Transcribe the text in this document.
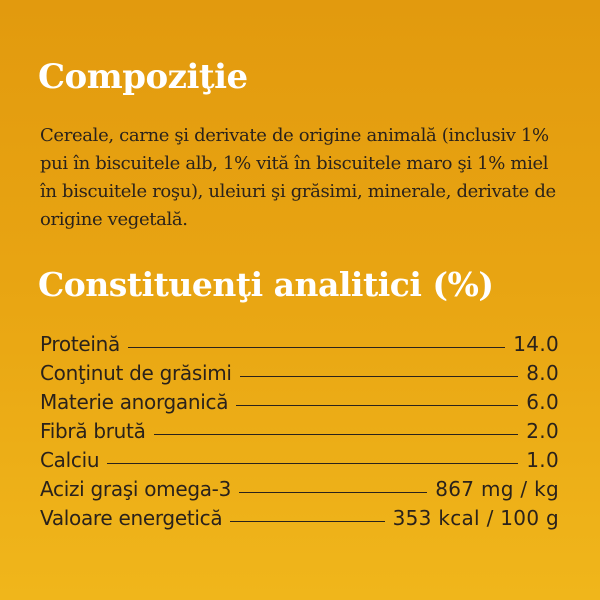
Compoziţie

Cereale, carne şi derivate de origine animală (inclusiv 1% pui în biscuitele alb, 1% vită în biscuitele maro şi 1% miel în biscuitele roşu), uleiuri şi grăsimi, minerale, derivate de origine vegetală.

Constituenţi analitici (%)
Proteină	14.0
Conţinut de grăsimi	8.0
Materie anorganică	6.0
Fibră brută	2.0
Calciu	1.0
Acizi graşi omega-3	867 mg / kg
Valoare energetică	353 kcal / 100 g
